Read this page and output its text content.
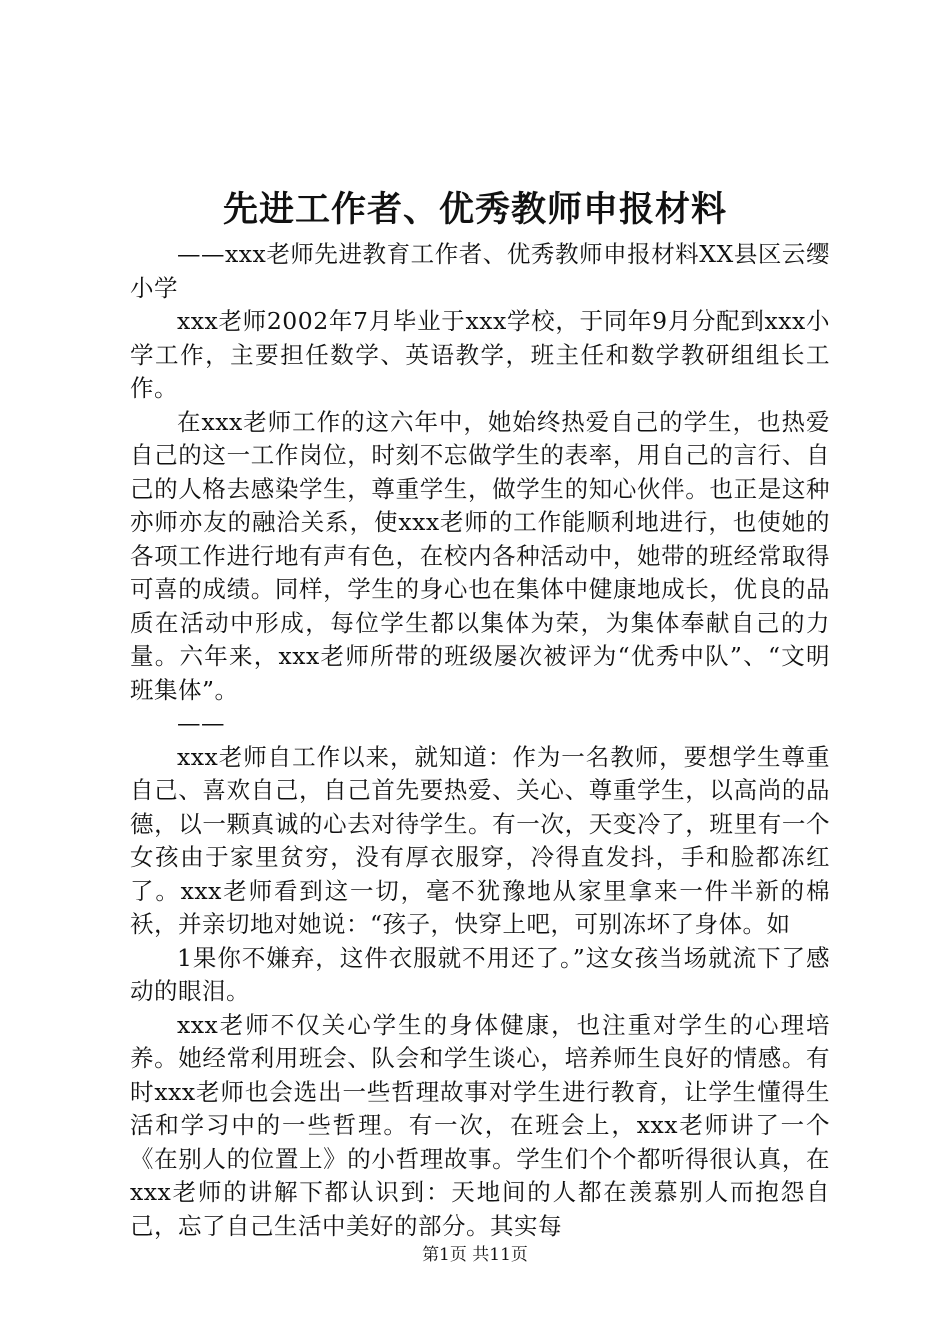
先进工作者、优秀教师申报材料

——xxx老师先进教育工作者、优秀教师申报材料XX县区云缨小学

xxx老师2002年7月毕业于xxx学校，于同年9月分配到xxx小学工作，主要担任数学、英语教学，班主任和数学教研组组长工作。

在xxx老师工作的这六年中，她始终热爱自己的学生，也热爱自己的这一工作岗位，时刻不忘做学生的表率，用自己的言行、自己的人格去感染学生，尊重学生，做学生的知心伙伴。也正是这种亦师亦友的融洽关系，使xxx老师的工作能顺利地进行，也使她的各项工作进行地有声有色，在校内各种活动中，她带的班经常取得可喜的成绩。同样，学生的身心也在集体中健康地成长，优良的品质在活动中形成，每位学生都以集体为荣，为集体奉献自己的力量。六年来，xxx老师所带的班级屡次被评为“优秀中队”、“文明班集体”。

——

xxx老师自工作以来，就知道：作为一名教师，要想学生尊重自己、喜欢自己，自己首先要热爱、关心、尊重学生，以高尚的品德，以一颗真诚的心去对待学生。有一次，天变冷了，班里有一个女孩由于家里贫穷，没有厚衣服穿，冷得直发抖，手和脸都冻红了。xxx老师看到这一切，毫不犹豫地从家里拿来一件半新的棉袄，并亲切地对她说：“孩子，快穿上吧，可别冻坏了身体。如

1果你不嫌弃，这件衣服就不用还了。”这女孩当场就流下了感动的眼泪。

xxx老师不仅关心学生的身体健康，也注重对学生的心理培养。她经常利用班会、队会和学生谈心，培养师生良好的情感。有时xxx老师也会选出一些哲理故事对学生进行教育，让学生懂得生活和学习中的一些哲理。有一次，在班会上，xxx老师讲了一个《在别人的位置上》的小哲理故事。学生们个个都听得很认真，在xxx老师的讲解下都认识到：天地间的人都在羡慕别人而抱怨自己，忘了自己生活中美好的部分。其实每

第1页 共11页
